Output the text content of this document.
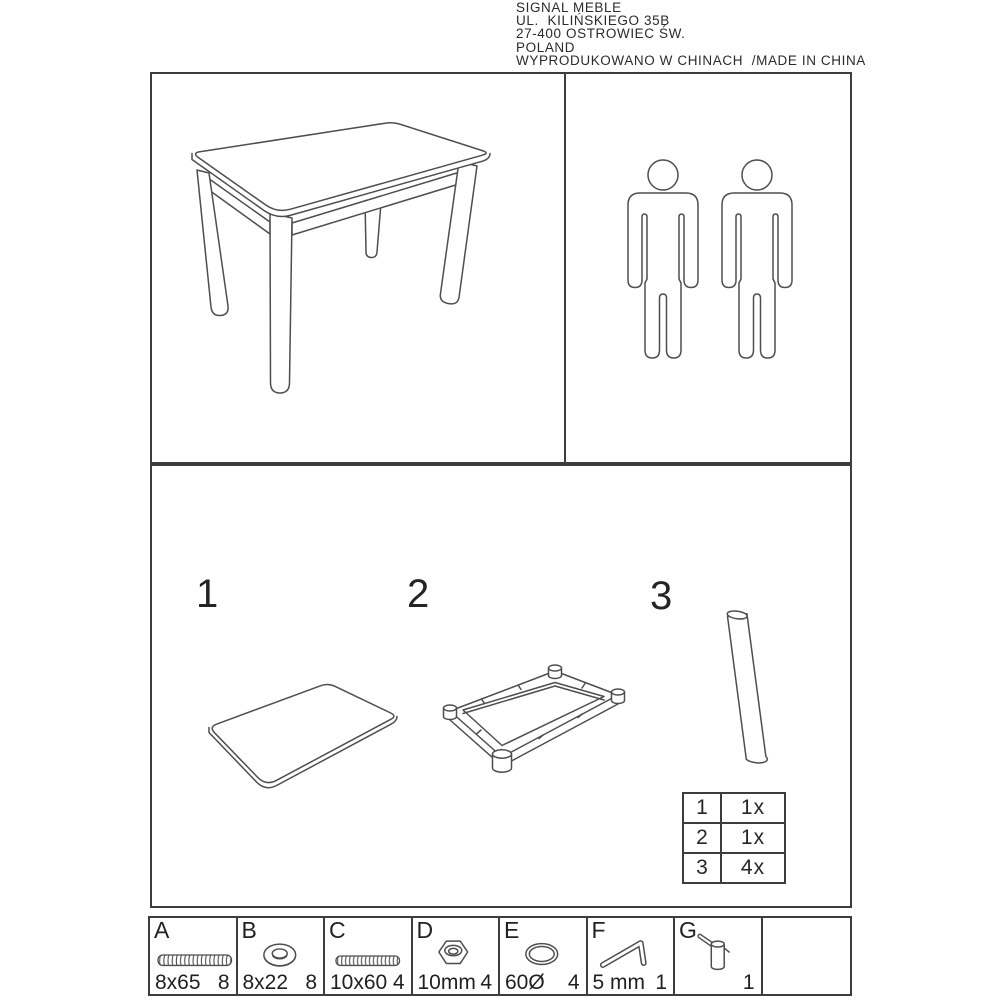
SIGNAL MEBLE
UL.  KILIŃSKIEGO 35B
27-400 OSTROWIEC ŚW.
POLAND
WYPRODUKOWANO W CHINACH  /MADE IN CHINA
1	2	3
1	1x
2	1x
3	4x
A
8x65 8
B
8x22 8
C
10x60 4
D
10mm 4
E
60Ø 4
F
5 mm 1
G
1
